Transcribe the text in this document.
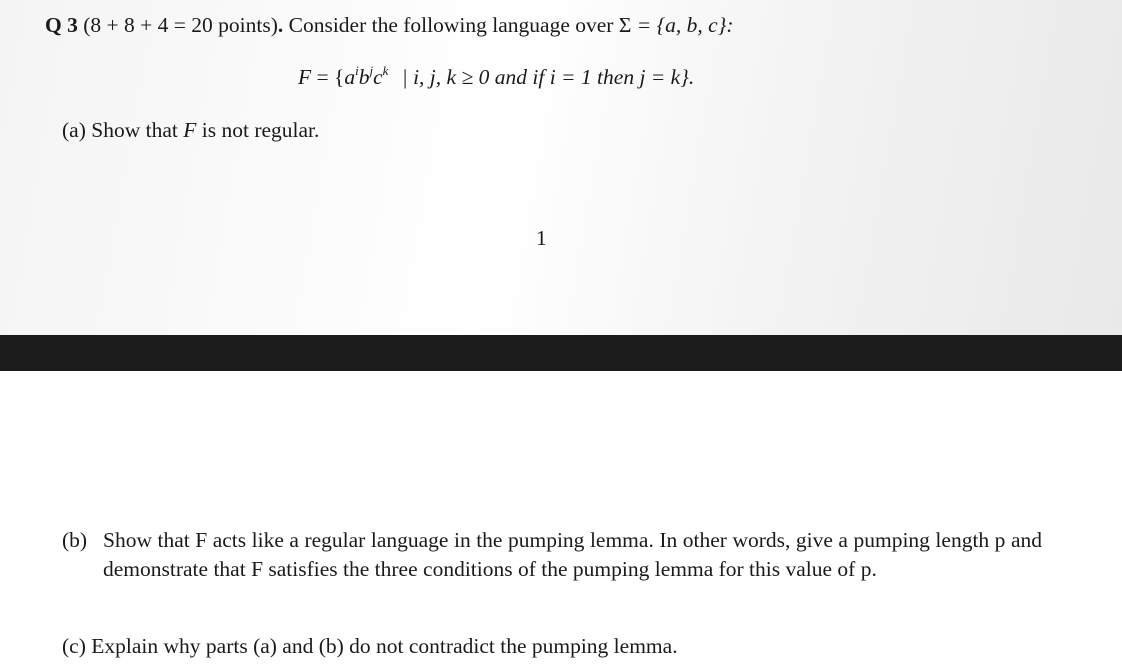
Q 3 (8 + 8 + 4 = 20 points). Consider the following language over Σ = {a, b, c}:
$F = \{a^ib^jc^k$ | i, j, k ≥ 0 and if i = 1 then j = k}.
(a) Show that F is not regular.
1
(b) Show that F acts like a regular language in the pumping lemma. In other words, give a pumping length p and demonstrate that F satisfies the three conditions of the pumping lemma for this value of p.
(c) Explain why parts (a) and (b) do not contradict the pumping lemma.
